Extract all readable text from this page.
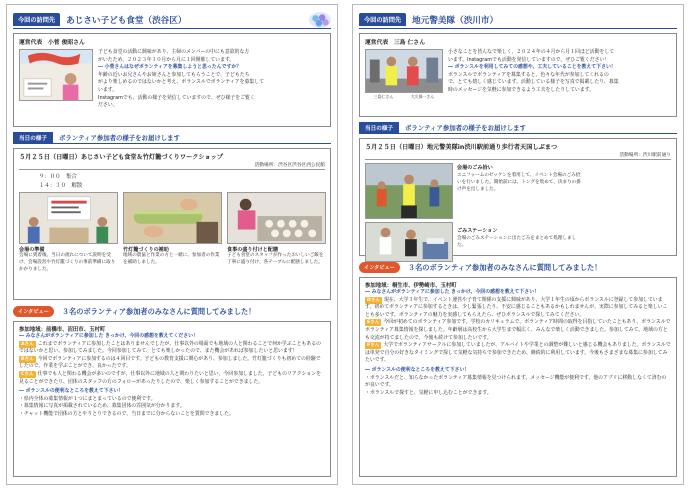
今回の訪問先	あじさい子ども食堂（渋谷区）
運営代表　小菅 俊昭さん
子ども食堂の活動に興味があり、主婦のメンバーの中にも意欲的な方
がいたため、２０２３年１０月から月に１回開催しています。
― 小菅さんはなぜボランティアを募集しようと思ったんですか？
年齢の近いお兄さんやお姉さんと参加してもらうことで、子どもたち
がより楽しめるのではないかと考え、ボランスルでボランティアを募集して
います。
Instagramでも、活動の様子を発信していますので、ぜひ様子をご覧く
ださい。
当日の様子	ボランティア参加者の様子をお届けします
５月２５日（日曜日）あじさい子ども食堂＆竹灯籠づくりワークショップ
活動場所：渋谷区渋谷区西公民館
９：００　集合
１４：３０　解散
会場の準備
会場に到着後、当日の流れについて説明を受け、会場設営や竹灯籠づくりの事前準備に取りかかりました。
竹灯籠づくりの補助
地域の農協と作業の方と一緒に、参加者の作業を補助しました。
食事の盛り付けと配膳
子ども食堂のスタッフが作ったおいしいご飯を丁寧に盛り付け、各テーブルに配膳しました。
インタビュー	３名のボランティア参加者のみなさんに質問してみました！
参加地域：前橋市、沼田市、玉村町
― みなさんがボランティアに参加した きっかけ、今回の感想を教えてください！
Aさん これまでボランティアに参加したことはありませんでしたが、仕事以外の場面でも地域の人と関わることで何か学ぶこともあるのではないかと思い、参加してみました。今回参加してみて、とても楽しかったので、また機会があれば参加したいと思います！
Bさん 今回でボランティアに参加するのは４回目です。子どもの教育支援に関心があり、参加しました。竹灯籠づくりも初めての経験でしたので、作業を学ぶことができ、良かったです。
Cさん 仕事でも人と関わる機会が多いのですが、仕事以外に地域の人と関わりたいと思い、今回参加しました。子どものリアクションを見ることができたり、団体のスタッフの方のフォローがあったりしたので、楽しく参加することができました。
― ボランスルの便利なところを教えて下さい！
・県内全体の募集情報が１つにまとまっているので便利です。
・募集情報に写真が掲載されているため、募集団体の雰囲気が分かります。
・チャット機能で団体の方とやりとりできるので、当日までに分からないことを質問できました。
今回の訪問先	地元警美隊（渋川市）
運営代表　三島 仁さん
三島仁さん	大久保一さん
小さなことを皆んなで楽しく、２０２４年の４月から月１回ほど活動をして
います。Instagramでも活動を発信していますので、ぜひご覧ください！
― ボランスルを利用してみての感想や、工夫していることを教えて下さい！
ボランスルでボランティアを募集すると、色々な年代が参加してくれるの
で、とても嬉しく感じています。活動している様子を写真で掲載したり、募集
時のメッセージを気軽に参加できるよう工夫をしたりしています。
当日の様子	ボランティア参加者の様子をお届けします
５月２５日（日曜日）地元警美隊in渋川駅前通り歩行者天国しぶまつ
活動場所：渋川駅前通り
会場のごみ拾い
ユニフォームのゼッケンを着用して、イベント会場のごみ拾いを行いました。開始前には、トングを集めて、決まりの掛け声を出しました。
ごみステーション
会場のごみステーションに出たごみをまとめて処理しました。
インタビュー	３名のボランティア参加者のみなさんに質問してみました！
参加地域：桐生市、伊勢崎市、玉村町
― みなさんがボランティアに参加した きっかけ、今回の感想を教えて下さい！
Dさん 現在、大学３年生で、イベント運営や子育て関係の支援に興味があり、大学１年生の頃からボランスルに登録して参加しています。初めてボランティアに参加するときは、少し緊張したり、不安に感じることもあるかもしれませんが、実際に参加してみると楽しいことも多いです。ボランティアの魅力を実感してもらえたら、ぜひボランスルで探してみてください。
Eさん 今回が初めてのボランティア参加です。学校のカリキュラムで、ボランティア時間の取得を目指していたこともあり、ボランスルでボランティア募集情報を探しました。年齢層は高校生から大学生まで幅広く、みんなで楽しく活動できました。参加してみて、地域の方とも交流が持てましたので、今後も続けて参加したいです。
Fさん 大学でボランティアサークルに参加していましたが、アルバイトや学業との調整が難しいと感じる機会もありました。ボランスルでは単発で自分の好きなタイミングで探して気軽な気持ちで参加できたため、継続的に利用しています。今後もさまざまな募集に参加してみたいです。
― ボランスルの便利なところを教えて下さい！
・ボランスルだと、知らなかったボランティア募集情報を見つけられます。メッセージ機能が便利です。他のアプリに移動しなくて済むのが良いです。
・ボランスルで探すと、気軽に申し込むことができます。
